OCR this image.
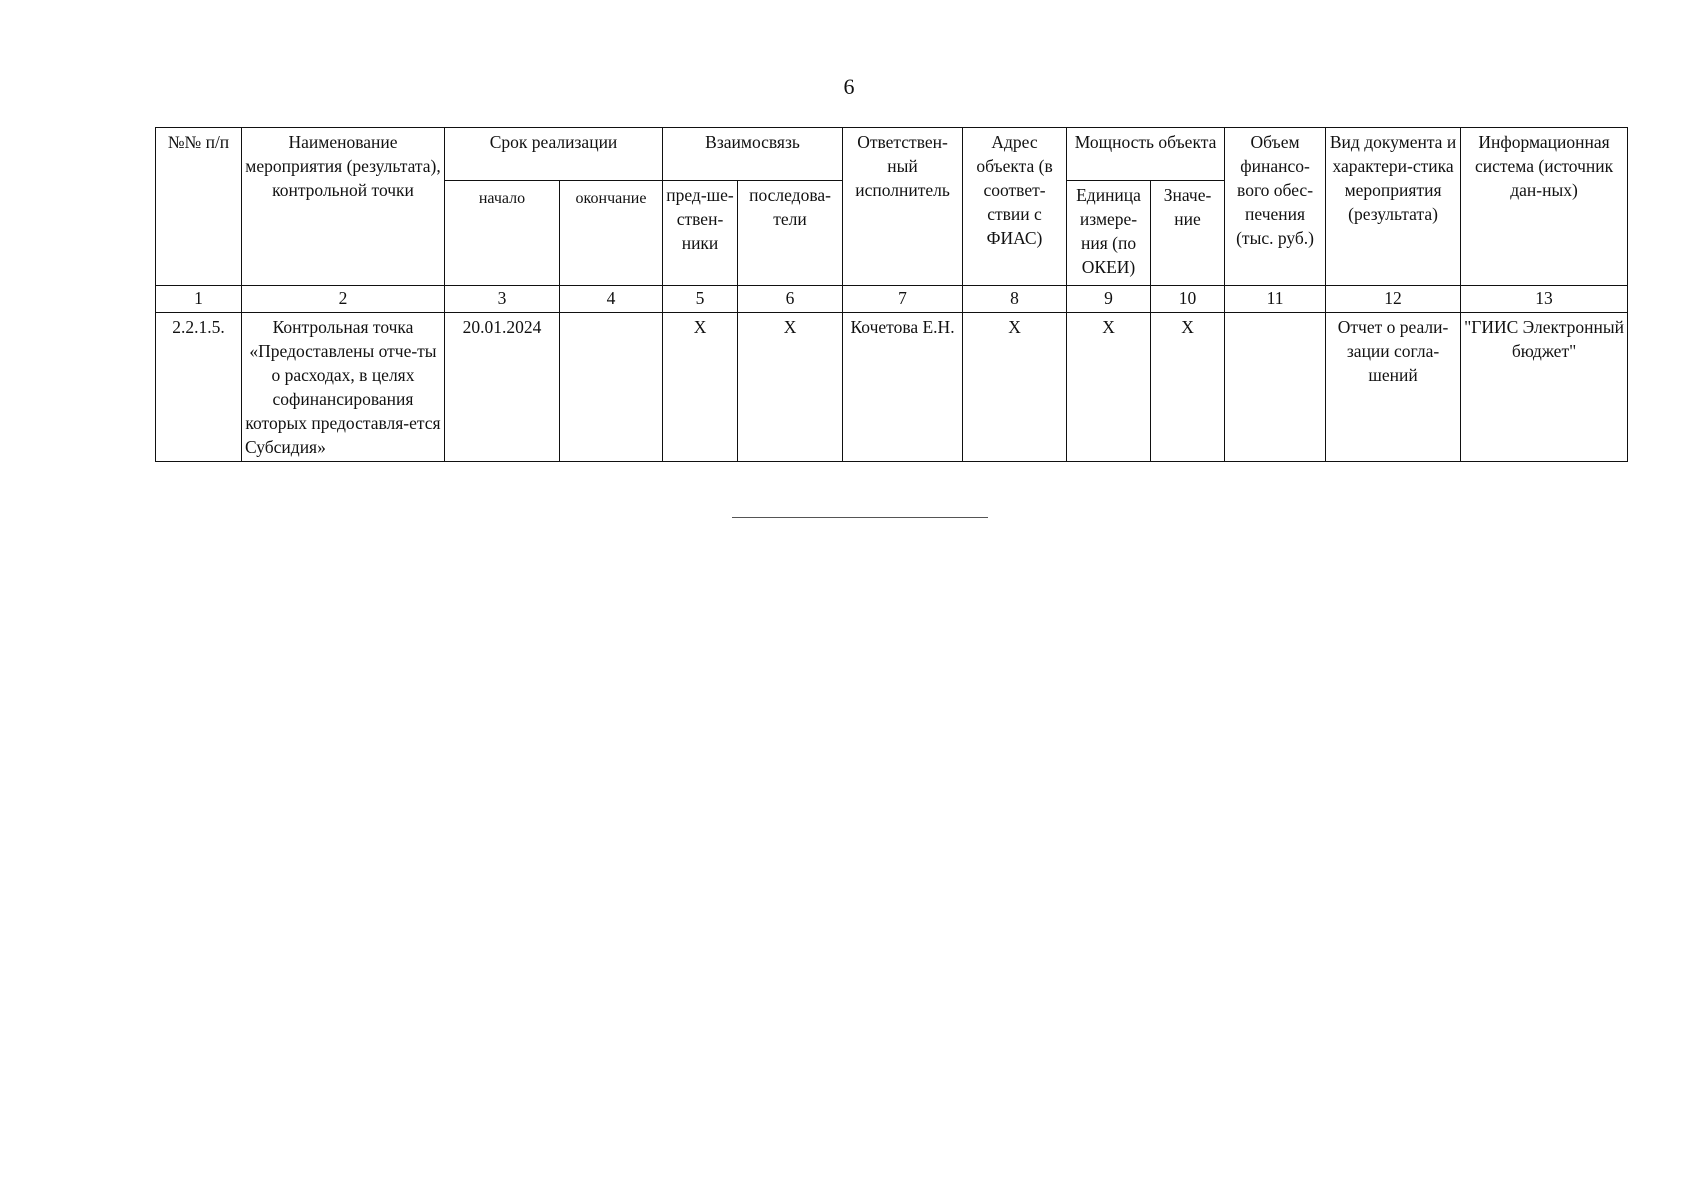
6
№№ п/п	Наименование мероприятия (результата), контрольной точки	Срок реализации		Взаимосвязь		Ответствен-ный исполнитель	Адрес объекта (в соответ-ствии с ФИАС)	Мощность объекта		Объем финансо-вого обес-печения (тыс. руб.)	Вид документа и характери-стика мероприятия (результата)	Информационная система (источник дан-ных)
		начало	окончание	пред-ше-ствен-ники	последова-тели			Единица измере-ния (по ОКЕИ)	Значе-ние			
1	2	3	4	5	6	7	8	9	10	11	12	13
2.2.1.5.	Контрольная точка «Предоставлены отче-ты о расходах, в целях софинансирования которых предоставля-ется Субсидия»	20.01.2024		X	X	Кочетова Е.Н.	X	X	X		Отчет о реали-зации согла-шений	"ГИИС Электронный бюджет"
